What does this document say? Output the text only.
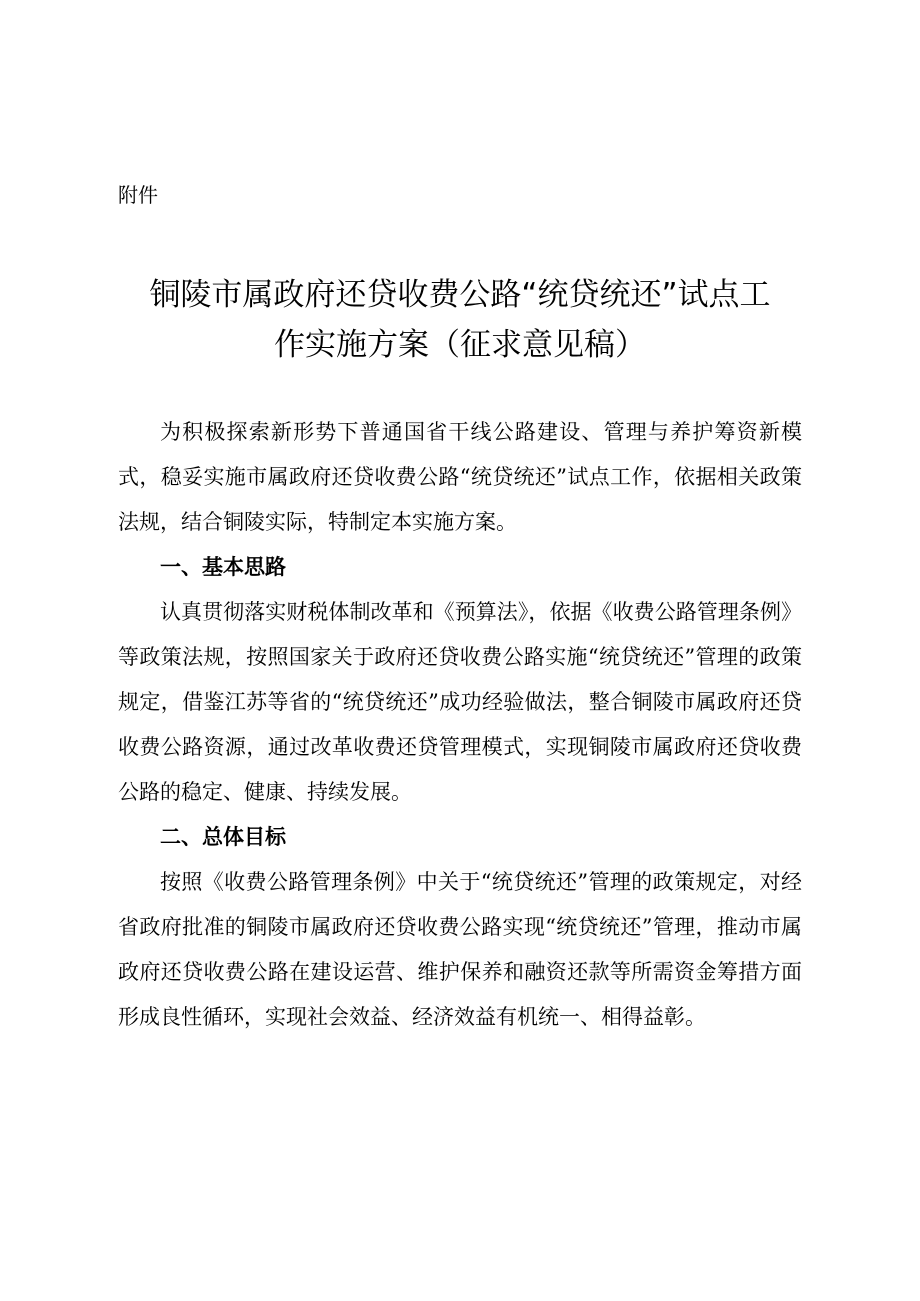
附件
铜陵市属政府还贷收费公路“统贷统还”试点工
作实施方案（征求意见稿）

为积极探索新形势下普通国省干线公路建设、管理与养护筹资新模式，稳妥实施市属政府还贷收费公路“统贷统还”试点工作，依据相关政策法规，结合铜陵实际，特制定本实施方案。

一、基本思路

认真贯彻落实财税体制改革和《预算法》，依据《收费公路管理条例》等政策法规，按照国家关于政府还贷收费公路实施“统贷统还”管理的政策规定，借鉴江苏等省的“统贷统还”成功经验做法，整合铜陵市属政府还贷收费公路资源，通过改革收费还贷管理模式，实现铜陵市属政府还贷收费公路的稳定、健康、持续发展。

二、总体目标

按照《收费公路管理条例》中关于“统贷统还”管理的政策规定，对经省政府批准的铜陵市属政府还贷收费公路实现“统贷统还”管理，推动市属政府还贷收费公路在建设运营、维护保养和融资还款等所需资金筹措方面形成良性循环，实现社会效益、经济效益有机统一、相得益彰。
